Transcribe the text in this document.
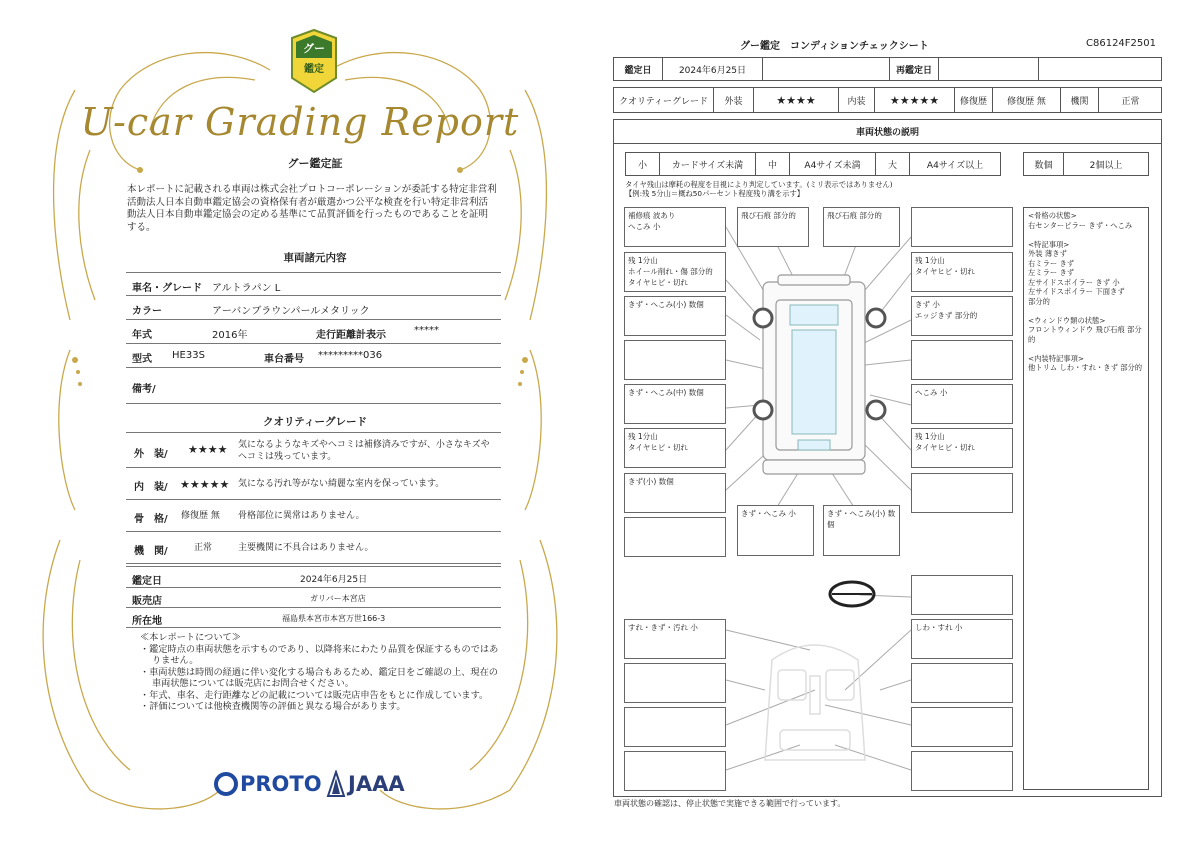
グー
鑑定
U-car Grading Report
グー鑑定証
本レポートに記載される車両は株式会社プロトコーポレーションが委託する特定非営利活動法人日本自動車鑑定協会の資格保有者が厳選かつ公平な検査を行い特定非営利活動法人日本自動車鑑定協会の定める基準にて品質評価を行ったものであることを証明する。
車両諸元内容
車名・グレード アルトラパン L
カラー	アーバンブラウンパールメタリック
年式	2016年	走行距離計表示	*****
型式 HE33S	車台番号 *********036
備考/
クオリティーグレード
外　装/ ★★★★ 気になるようなキズやヘコミは補修済みですが、小さなキズやヘコミは残っています。
内　装/ ★★★★★ 気になる汚れ等がない綺麗な室内を保っています。
骨　格/ 修復歴 無 骨格部位に異常はありません。
機　関/	正常	主要機関に不具合はありません。
鑑定日	2024年6月25日
販売店	ガリバー本宮店
所在地	福島県本宮市本宮万世166-3
≪本レポートについて≫
・鑑定時点の車両状態を示すものであり、以降将来にわたり品質を保証するものではありません。
・車両状態は時間の経過に伴い変化する場合もあるため、鑑定日をご確認の上、現在の車両状態については販売店にお問合せください。
・年式、車名、走行距離などの記載については販売店申告をもとに作成しています。
・評価については他検査機関等の評価と異なる場合があります。
PROTO JAAA
グー鑑定　コンディションチェックシート	C86124F2501
鑑定日	2024年6月25日	再鑑定日
クオリティーグレード	外装	★★★★	内装	★★★★★	修復歴	修復歴 無	機関	正常
車両状態の説明
小	カードサイズ未満	中	A4サイズ未満	大	A4サイズ以上	数個	2個以上
タイヤ残山は摩耗の程度を目視により判定しています。(ミリ表示ではありません)
【例:残 5分山＝概ね50パーセント程度残り溝を示す】
<骨格の状態>
右センターピラー きず・へこみ
<特記事項>
外装 薄きず
右ミラー きず
左ミラー きず
左サイドスポイラー きず 小
左サイドスポイラー 下面きず
部分的
<ウィンドウ類の状態>
フロントウィンドウ 飛び石痕 部分的
<内装特記事項>
他トリム しわ・すれ・きず 部分的
補修痕 波あり
へこみ 小
飛び石痕 部分的	飛び石痕 部分的
残 1分山
ホイール削れ・傷 部分的
タイヤヒビ・切れ
残 1分山
タイヤヒビ・切れ
きず・へこみ(小) 数個	きず 小
エッジきず 部分的
きず・へこみ(中) 数個	へこみ 小
残 1分山
タイヤヒビ・切れ
残 1分山
タイヤヒビ・切れ
きず(小) 数個
きず・へこみ 小	きず・へこみ(小) 数個
すれ・きず・汚れ 小	しわ・すれ 小
車両状態の確認は、停止状態で実施できる範囲で行っています。
